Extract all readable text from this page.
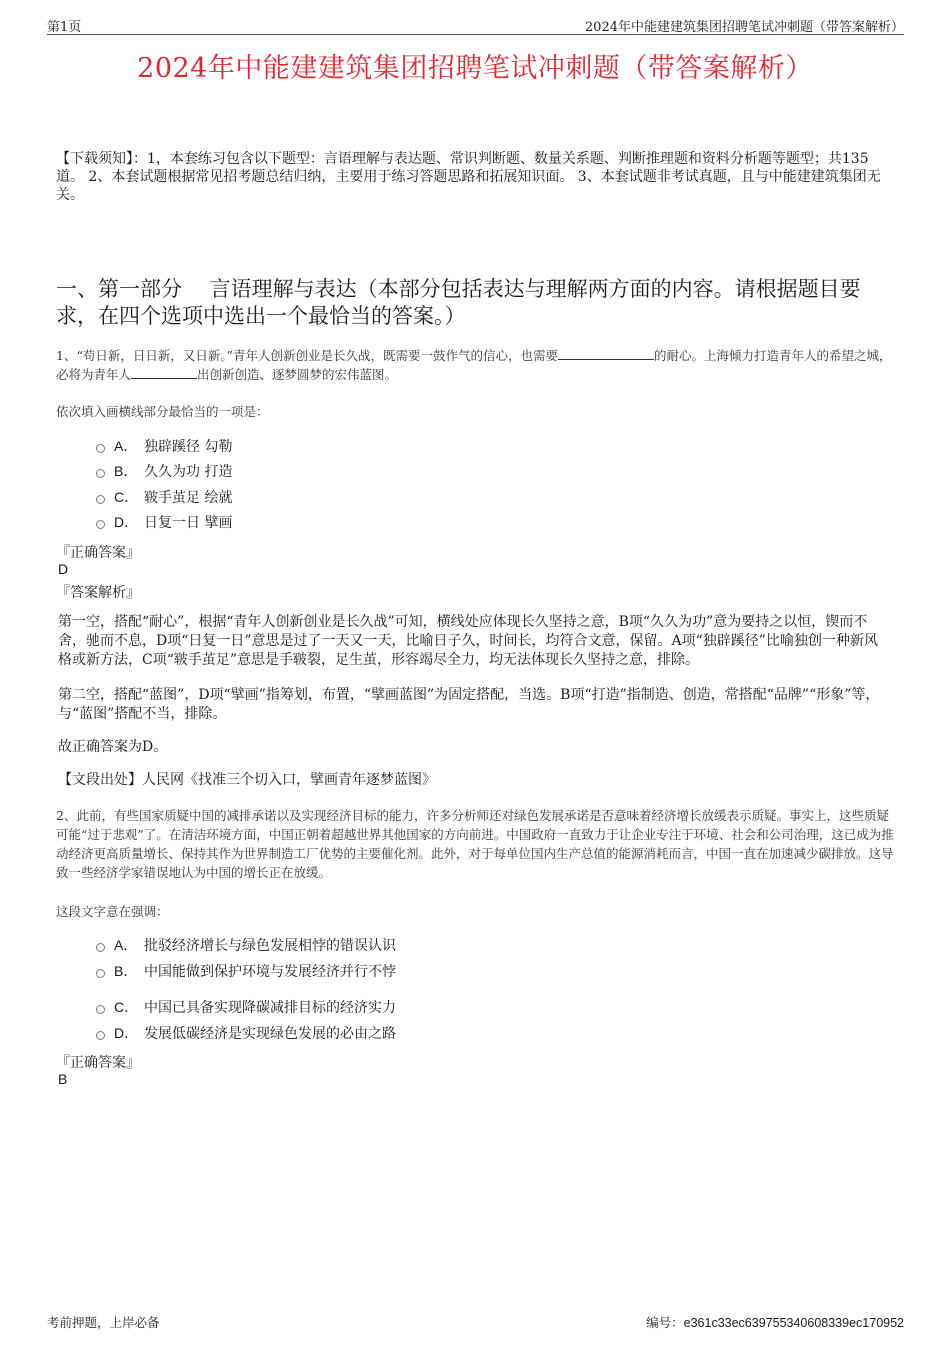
第1页	2024年中能建建筑集团招聘笔试冲刺题（带答案解析）
2024年中能建建筑集团招聘笔试冲刺题（带答案解析）
【下载须知】：1，本套练习包含以下题型：言语理解与表达题、常识判断题、数量关系题、判断推理题和资料分析题等题型；共135道。 2、本套试题根据常见招考题总结归纳，主要用于练习答题思路和拓展知识面。 3、本套试题非考试真题，且与中能建建筑集团无关。
一、第一部分　 言语理解与表达（本部分包括表达与理解两方面的内容。请根据题目要求，在四个选项中选出一个最恰当的答案。）
1、“苟日新，日日新，又日新。”青年人创新创业是长久战，既需要一鼓作气的信心，也需要	的耐心。上海倾力打造青年人的希望之城，必将为青年人	出创新创造、逐梦圆梦的宏伟蓝图。
依次填入画横线部分最恰当的一项是：
A． 独辟蹊径 勾勒
B． 久久为功 打造
C． 皲手茧足 绘就
D． 日复一日 擘画
『正确答案』
D
『答案解析』
第一空，搭配“耐心”，根据“青年人创新创业是长久战”可知，横线处应体现长久坚持之意，B项“久久为功”意为要持之以恒，锲而不舍，驰而不息，D项“日复一日”意思是过了一天又一天，比喻日子久，时间长，均符合文意，保留。A项“独辟蹊径”比喻独创一种新风格或新方法，C项“皲手茧足”意思是手皲裂，足生茧，形容竭尽全力，均无法体现长久坚持之意，排除。
第二空，搭配“蓝图”，D项“擘画”指筹划，布置，“擘画蓝图”为固定搭配，当选。B项“打造”指制造、创造，常搭配“品牌”“形象”等，与“蓝图”搭配不当，排除。
故正确答案为D。
【文段出处】人民网《找准三个切入口，擘画青年逐梦蓝图》
2、此前，有些国家质疑中国的减排承诺以及实现经济目标的能力，许多分析师还对绿色发展承诺是否意味着经济增长放缓表示质疑。事实上，这些质疑可能“过于悲观”了。在清洁环境方面，中国正朝着超越世界其他国家的方向前进。中国政府一直致力于让企业专注于环境、社会和公司治理，这已成为推动经济更高质量增长、保持其作为世界制造工厂优势的主要催化剂。此外，对于每单位国内生产总值的能源消耗而言，中国一直在加速减少碳排放。这导致一些经济学家错误地认为中国的增长正在放缓。
这段文字意在强调：
A． 批驳经济增长与绿色发展相悖的错误认识
B． 中国能做到保护环境与发展经济并行不悖
C． 中国已具备实现降碳减排目标的经济实力
D． 发展低碳经济是实现绿色发展的必由之路
『正确答案』
B
考前押题，上岸必备	编号：e361c33ec639755340608339ec170952
